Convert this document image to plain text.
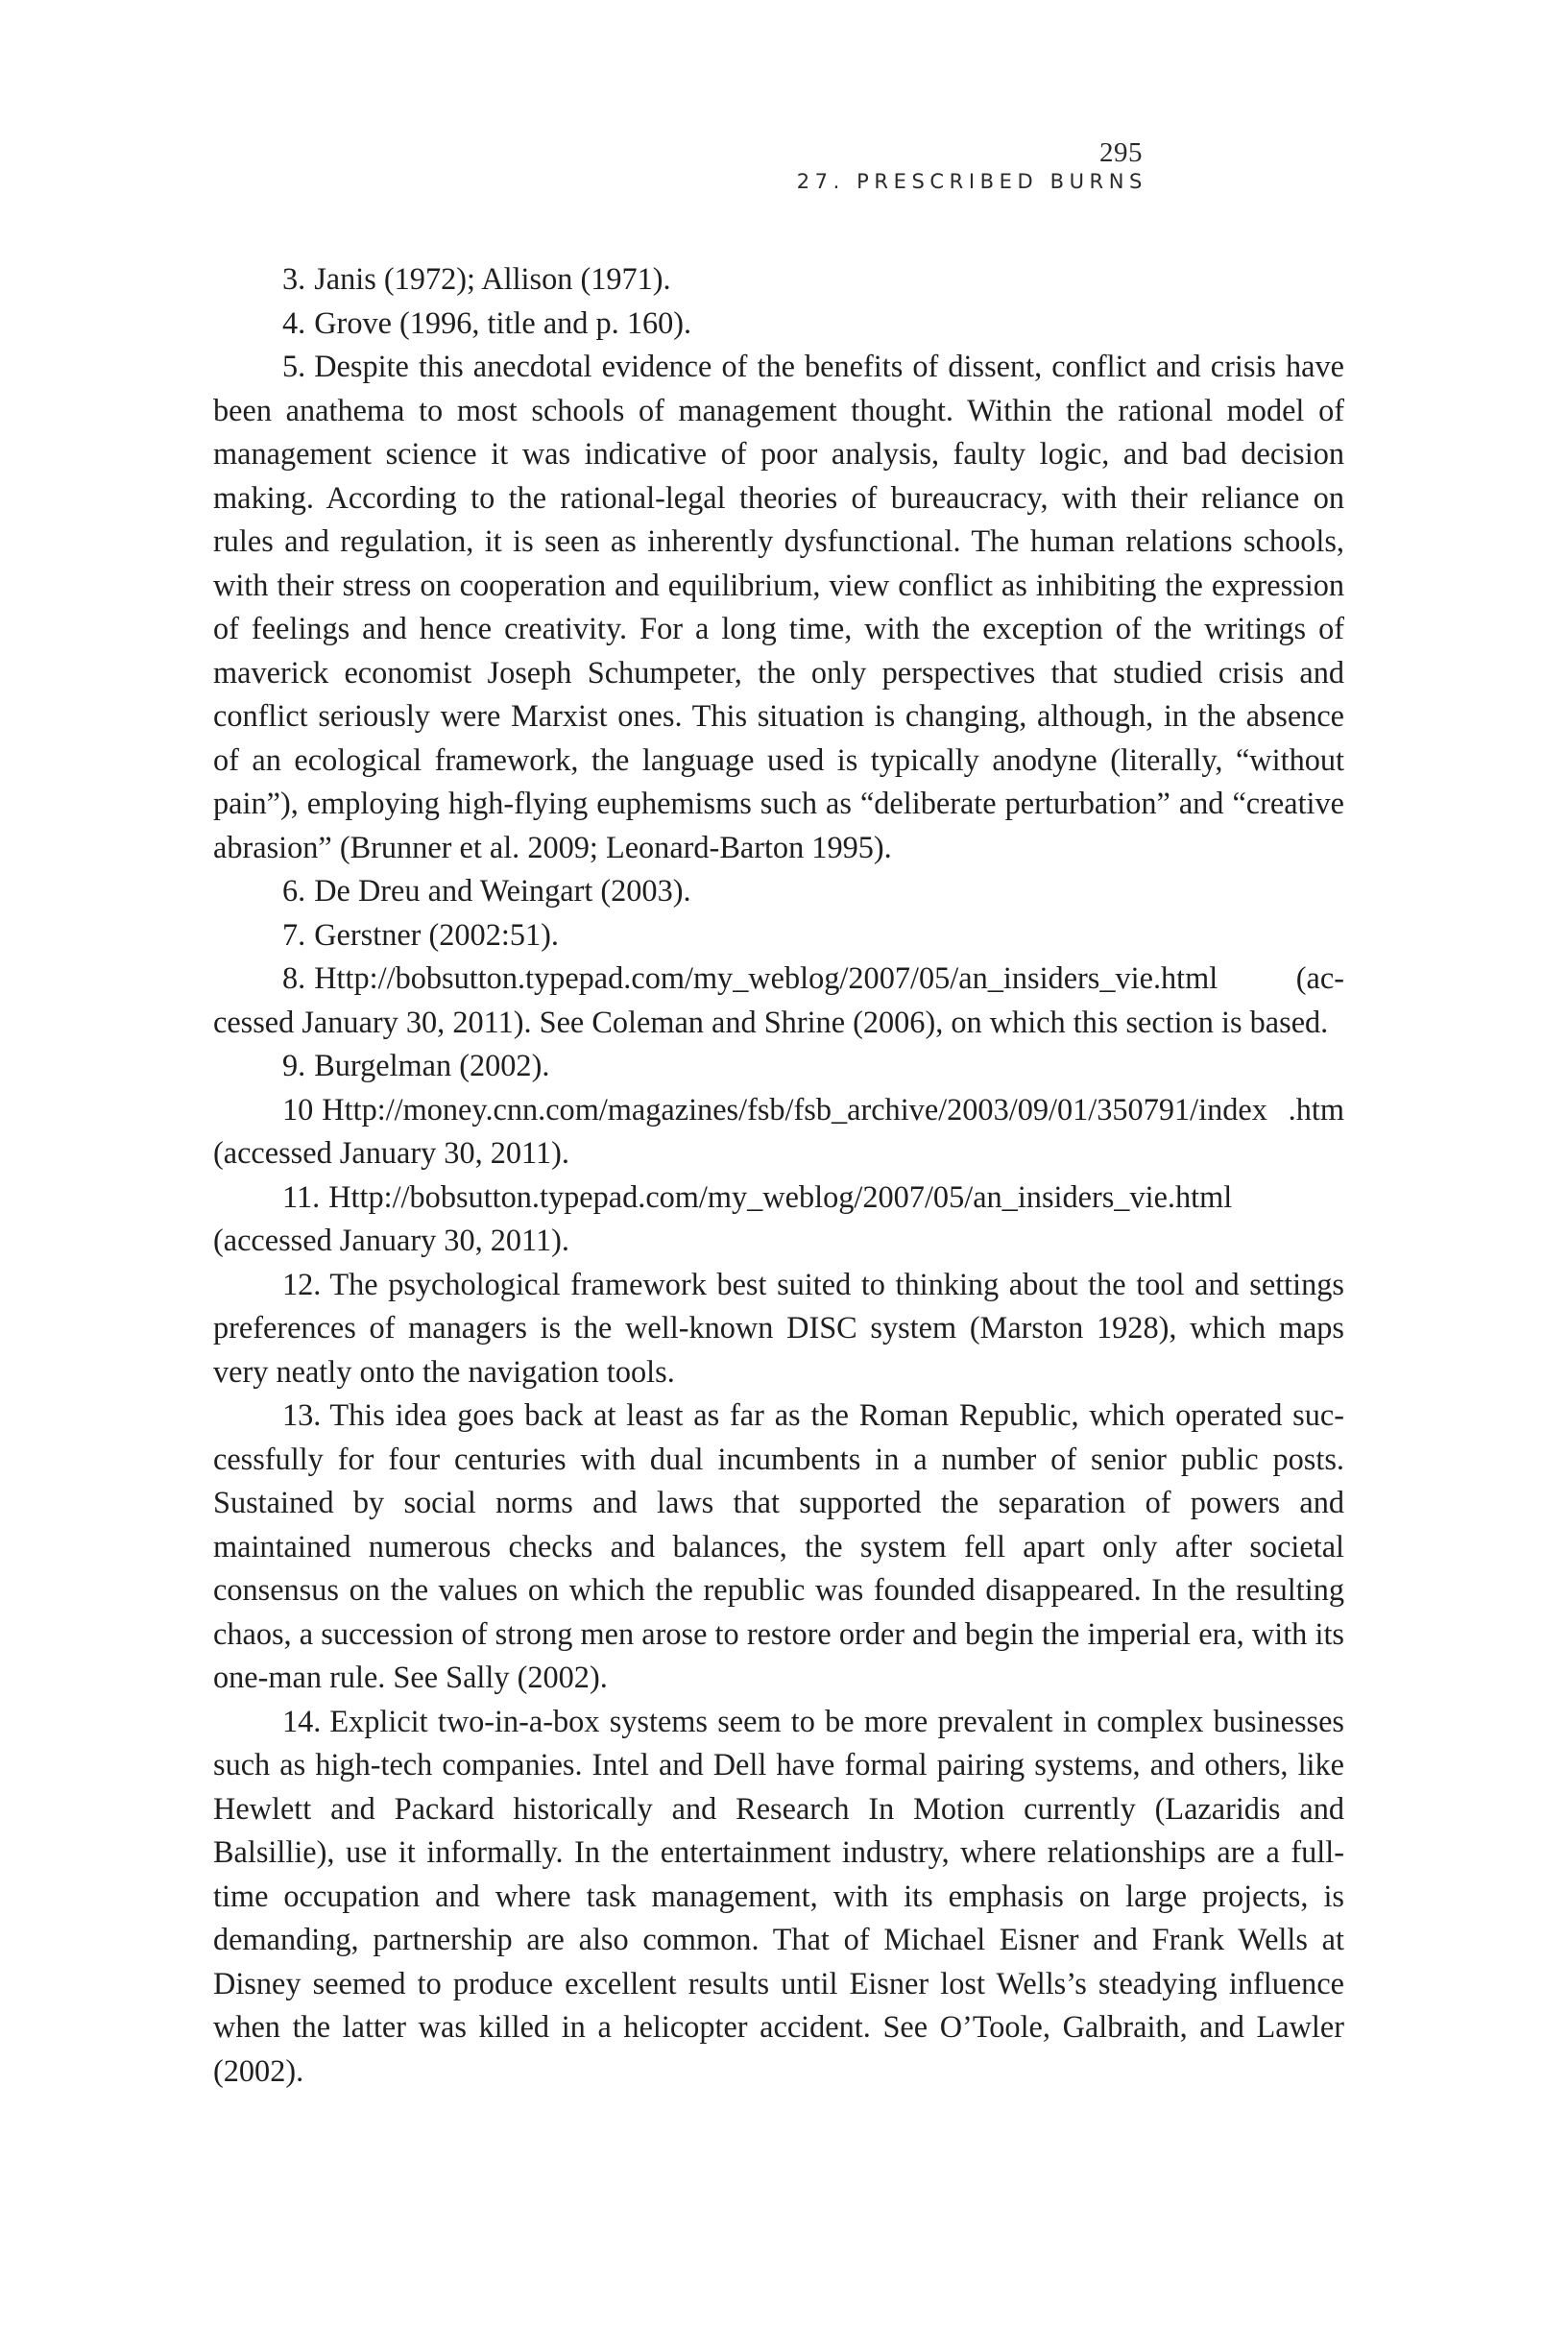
295
27. PRESCRIBED BURNS

3. Janis (1972); Allison (1971).

4. Grove (1996, title and p. 160).

5. Despite this anecdotal evidence of the benefits of dissent, conflict and crisis have been anathema to most schools of management thought. Within the rational model of management science it was indicative of poor analysis, faulty logic, and bad decision making. According to the rational-legal theories of bureaucracy, with their reliance on rules and regulation, it is seen as inherently dysfunctional. The human relations schools, with their stress on cooperation and equilibrium, view conflict as inhibiting the expression of feelings and hence creativity. For a long time, with the exception of the writings of maverick economist Joseph Schumpeter, the only perspectives that studied crisis and conflict seriously were Marxist ones. This situation is changing, although, in the absence of an ecological framework, the language used is typically anodyne (literally, “without pain”), employing high-flying euphemisms such as “deliberate perturbation” and “creative abrasion” (Brunner et al. 2009; Leonard-Barton 1995).

6. De Dreu and Weingart (2003).

7. Gerstner (2002:51).

8. Http://bobsutton.typepad.com/my_weblog/2007/05/an_insiders_vie.html (accessed January 30, 2011). See Coleman and Shrine (2006), on which this section is based.

9. Burgelman (2002).

10 Http://money.cnn.com/magazines/fsb/fsb_archive/2003/09/01/350791/index .htm (accessed January 30, 2011).

11. Http://bobsutton.typepad.com/my_weblog/2007/05/an_insiders_vie.html (accessed January 30, 2011).

12. The psychological framework best suited to thinking about the tool and settings preferences of managers is the well-known DISC system (Marston 1928), which maps very neatly onto the navigation tools.

13. This idea goes back at least as far as the Roman Republic, which operated successfully for four centuries with dual incumbents in a number of senior public posts. Sustained by social norms and laws that supported the separation of powers and maintained numerous checks and balances, the system fell apart only after societal consensus on the values on which the republic was founded disappeared. In the resulting chaos, a succession of strong men arose to restore order and begin the imperial era, with its one-man rule. See Sally (2002).

14. Explicit two-in-a-box systems seem to be more prevalent in complex businesses such as high-tech companies. Intel and Dell have formal pairing systems, and others, like Hewlett and Packard historically and Research In Motion currently (Lazaridis and Balsillie), use it informally. In the entertainment industry, where relationships are a full-time occupation and where task management, with its emphasis on large projects, is demanding, partnership are also common. That of Michael Eisner and Frank Wells at Disney seemed to produce excellent results until Eisner lost Wells’s steadying influence when the latter was killed in a helicopter accident. See O’Toole, Galbraith, and Lawler (2002).
